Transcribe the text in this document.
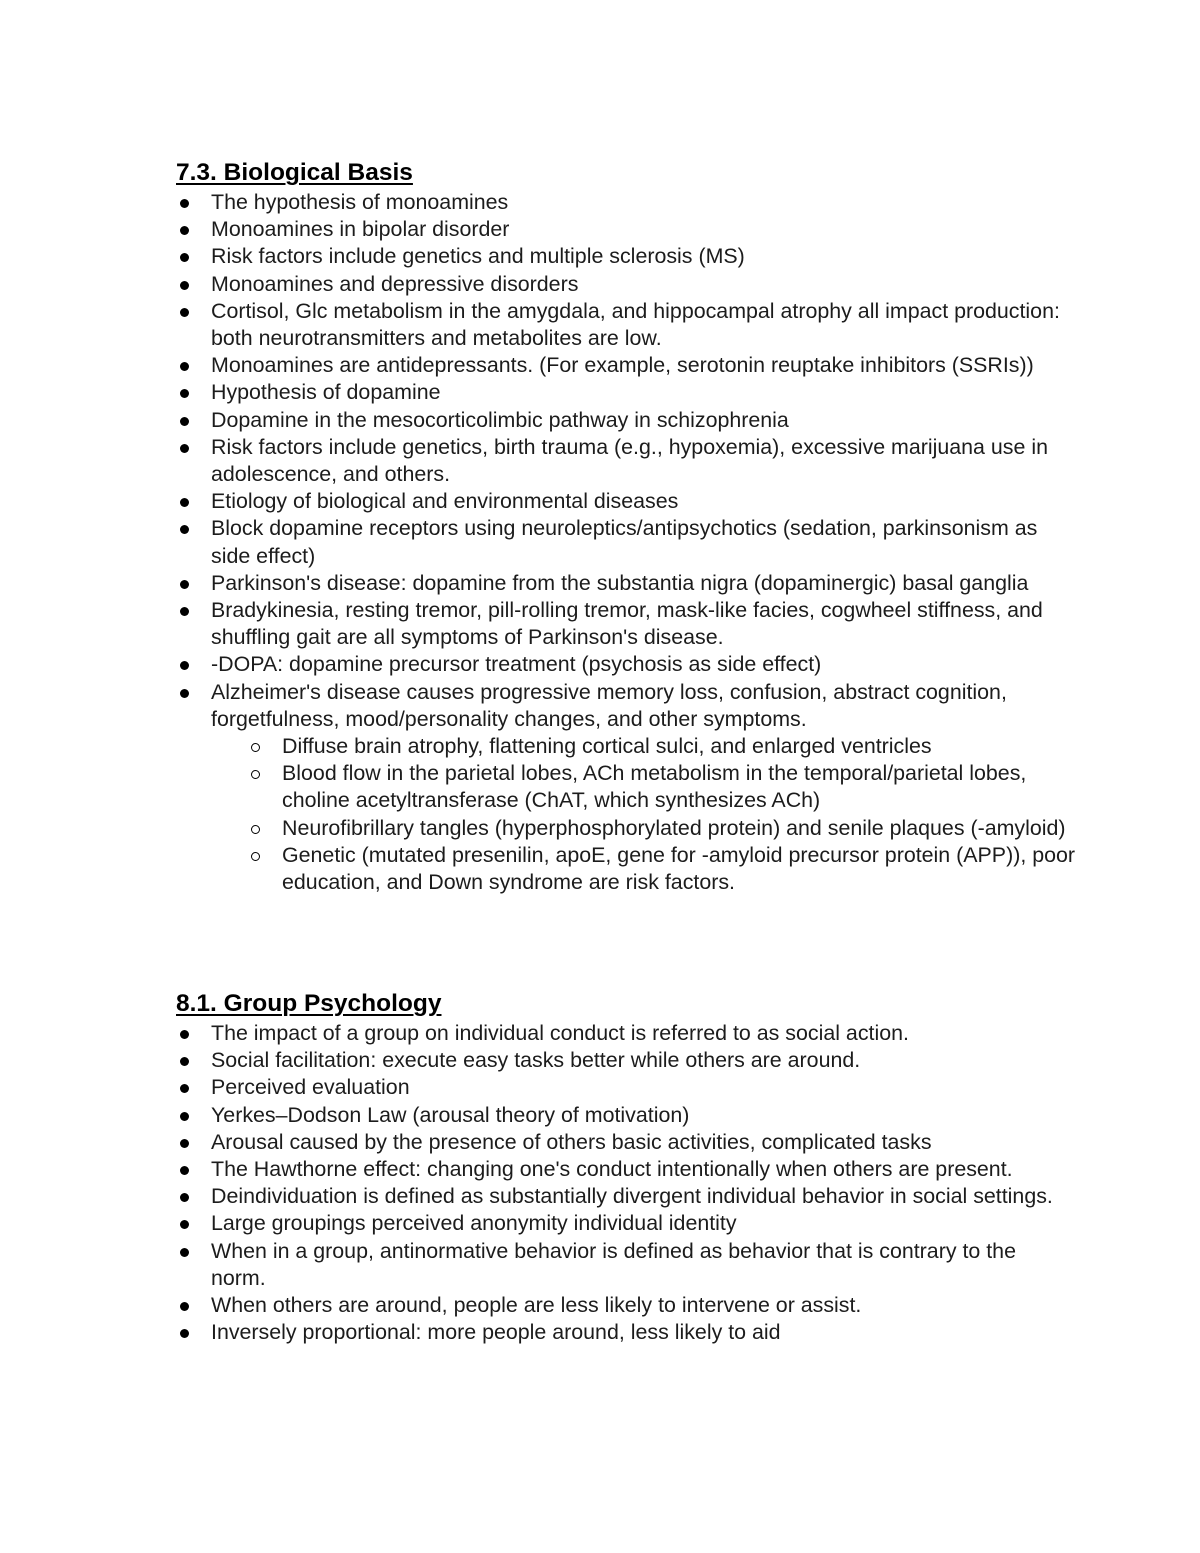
7.3. Biological Basis
The hypothesis of monoamines
Monoamines in bipolar disorder
Risk factors include genetics and multiple sclerosis (MS)
Monoamines and depressive disorders
Cortisol, Glc metabolism in the amygdala, and hippocampal atrophy all impact production: both neurotransmitters and metabolites are low.
Monoamines are antidepressants. (For example, serotonin reuptake inhibitors (SSRIs))
Hypothesis of dopamine
Dopamine in the mesocorticolimbic pathway in schizophrenia
Risk factors include genetics, birth trauma (e.g., hypoxemia), excessive marijuana use in adolescence, and others.
Etiology of biological and environmental diseases
Block dopamine receptors using neuroleptics/antipsychotics (sedation, parkinsonism as side effect)
Parkinson's disease: dopamine from the substantia nigra (dopaminergic) basal ganglia
Bradykinesia, resting tremor, pill-rolling tremor, mask-like facies, cogwheel stiffness, and shuffling gait are all symptoms of Parkinson's disease.
-DOPA: dopamine precursor treatment (psychosis as side effect)
Alzheimer's disease causes progressive memory loss, confusion, abstract cognition, forgetfulness, mood/personality changes, and other symptoms.
Diffuse brain atrophy, flattening cortical sulci, and enlarged ventricles
Blood flow in the parietal lobes, ACh metabolism in the temporal/parietal lobes, choline acetyltransferase (ChAT, which synthesizes ACh)
Neurofibrillary tangles (hyperphosphorylated protein) and senile plaques (-amyloid)
Genetic (mutated presenilin, apoE, gene for -amyloid precursor protein (APP)), poor education, and Down syndrome are risk factors.
8.1. Group Psychology
The impact of a group on individual conduct is referred to as social action.
Social facilitation: execute easy tasks better while others are around.
Perceived evaluation
Yerkes–Dodson Law (arousal theory of motivation)
Arousal caused by the presence of others basic activities, complicated tasks
The Hawthorne effect: changing one's conduct intentionally when others are present.
Deindividuation is defined as substantially divergent individual behavior in social settings.
Large groupings perceived anonymity individual identity
When in a group, antinormative behavior is defined as behavior that is contrary to the norm.
When others are around, people are less likely to intervene or assist.
Inversely proportional: more people around, less likely to aid
